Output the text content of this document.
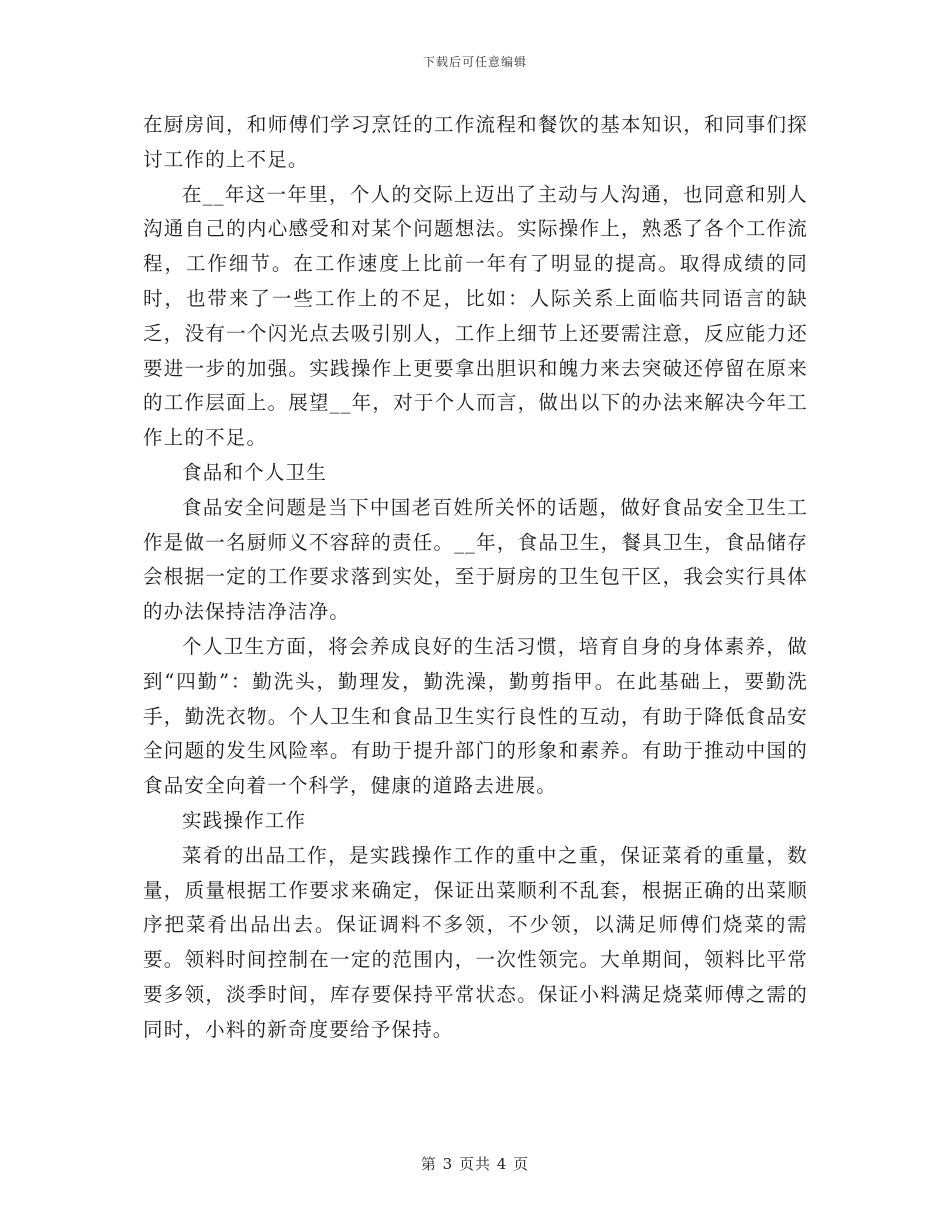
下载后可任意编辑

在厨房间，和师傅们学习烹饪的工作流程和餐饮的基本知识，和同事们探讨工作的上不足。

在__年这一年里，个人的交际上迈出了主动与人沟通，也同意和别人沟通自己的内心感受和对某个问题想法。实际操作上，熟悉了各个工作流程，工作细节。在工作速度上比前一年有了明显的提高。取得成绩的同时，也带来了一些工作上的不足，比如：人际关系上面临共同语言的缺乏，没有一个闪光点去吸引别人，工作上细节上还要需注意，反应能力还要进一步的加强。实践操作上更要拿出胆识和魄力来去突破还停留在原来的工作层面上。展望__年，对于个人而言，做出以下的办法来解决今年工作上的不足。

食品和个人卫生

食品安全问题是当下中国老百姓所关怀的话题，做好食品安全卫生工作是做一名厨师义不容辞的责任。__年，食品卫生，餐具卫生，食品储存会根据一定的工作要求落到实处，至于厨房的卫生包干区，我会实行具体的办法保持洁净洁净。

个人卫生方面，将会养成良好的生活习惯，培育自身的身体素养，做到“四勤”：勤洗头，勤理发，勤洗澡，勤剪指甲。在此基础上，要勤洗手，勤洗衣物。个人卫生和食品卫生实行良性的互动，有助于降低食品安全问题的发生风险率。有助于提升部门的形象和素养。有助于推动中国的食品安全向着一个科学，健康的道路去进展。

实践操作工作

菜肴的出品工作，是实践操作工作的重中之重，保证菜肴的重量，数量，质量根据工作要求来确定，保证出菜顺利不乱套，根据正确的出菜顺序把菜肴出品出去。保证调料不多领，不少领，以满足师傅们烧菜的需要。领料时间控制在一定的范围内，一次性领完。大单期间，领料比平常要多领，淡季时间，库存要保持平常状态。保证小料满足烧菜师傅之需的同时，小料的新奇度要给予保持。

第 3 页共 4 页
